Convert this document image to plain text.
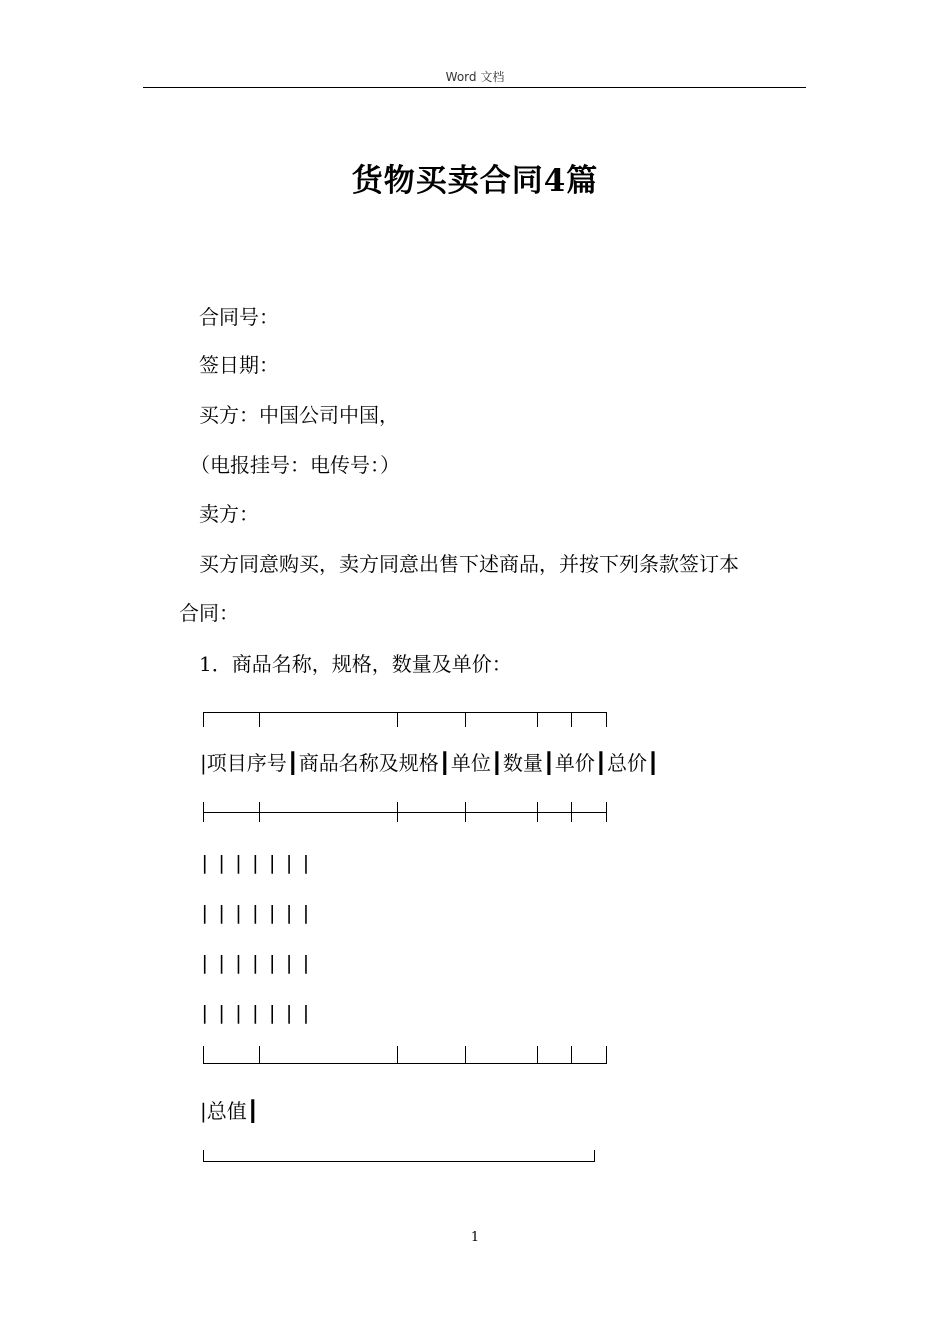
Word 文档
货物买卖合同4篇
合同号：
签日期：
买方：中国公司中国，
（电报挂号：电传号：）
卖方：
买方同意购买，卖方同意出售下述商品，并按下列条款签订本
合同：
1．商品名称，规格，数量及单价：
|项目序号┃商品名称及规格┃单位┃数量┃单价┃总价┃
| | | | | | |
| | | | | | |
| | | | | | |
| | | | | | |
|总值┃
1
